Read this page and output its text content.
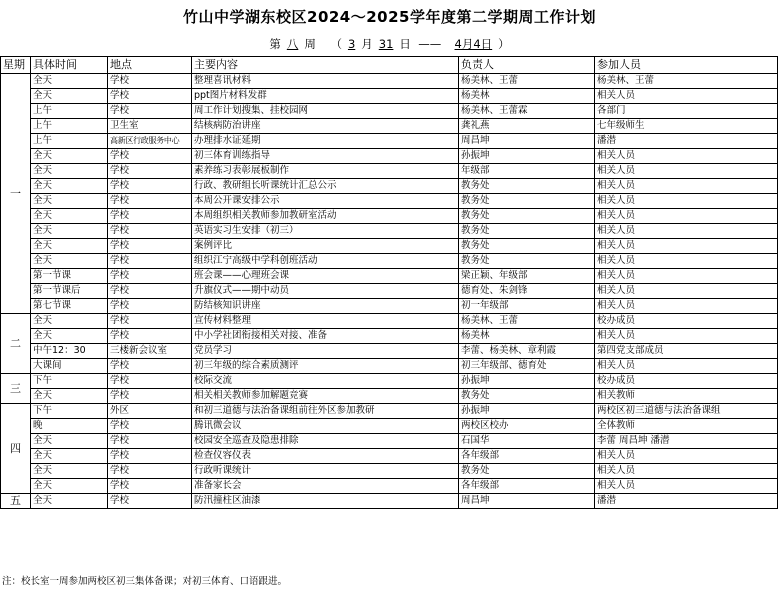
竹山中学湖东校区2024～2025学年度第二学期周工作计划
第 八 周 （ 3 月 31 日 —— 4月4日 ）
星期	具体时间	地点	主要内容	负责人	参加人员
一	全天	学校	整理喜讯材料	杨美林、王蕾	杨美林、王蕾
	全天	学校	ppt图片材料发群	杨美林	相关人员
	上午	学校	周工作计划搜集、挂校园网	杨美林、王蕾霖	各部门
	上午	卫生室	结核病防治讲座	龚礼燕	七年级师生
	上午	高新区行政服务中心	办理排水证延期	周昌坤	潘潜
	全天	学校	初三体育训练指导	孙振坤	相关人员
	全天	学校	素养练习表彰展板制作	年级部	相关人员
	全天	学校	行政、教研组长听课统计汇总公示	教务处	相关人员
	全天	学校	本周公开课安排公示	教务处	相关人员
	全天	学校	本周组织相关教师参加教研室活动	教务处	相关人员
	全天	学校	英语实习生安排（初三）	教务处	相关人员
	全天	学校	案例评比	教务处	相关人员
	全天	学校	组织江宁高级中学科创班活动	教务处	相关人员
	第一节课	学校	班会课——心理班会课	梁正颖、年级部	相关人员
	第一节课后	学校	升旗仪式——期中动员	德育处、朱剑锋	相关人员
	第七节课	学校	防结核知识讲座	初一年级部	相关人员
二	全天	学校	宣传材料整理	杨美林、王蕾	校办成员
	全天	学校	中小学社团衔接相关对接、准备	杨美林	相关人员
	中午12：30	三楼新会议室	党员学习	李蕾、杨美林、章利霞	第四党支部成员
	大课间	学校	初三年级的综合素质测评	初三年级部、德育处	相关人员
三	下午	学校	校际交流	孙振坤	校办成员
	全天	学校	相关相关教师参加解题竞赛	教务处	相关教师
四	下午	外区	和初三道德与法治备课组前往外区参加教研	孙振坤	两校区初三道德与法治备课组
	晚	学校	腾讯微会议	两校区校办	全体教师
	全天	学校	校园安全巡查及隐患排除	石国华	李蕾 周昌坤 潘潜
	全天	学校	检查仪容仪表	各年级部	相关人员
	全天	学校	行政听课统计	教务处	相关人员
	全天	学校	准备家长会	各年级部	相关人员
五	全天	学校	防汛撞柱区油漆	周昌坤	潘潜
注：校长室一周参加两校区初三集体备课；对初三体育、口语跟进。
